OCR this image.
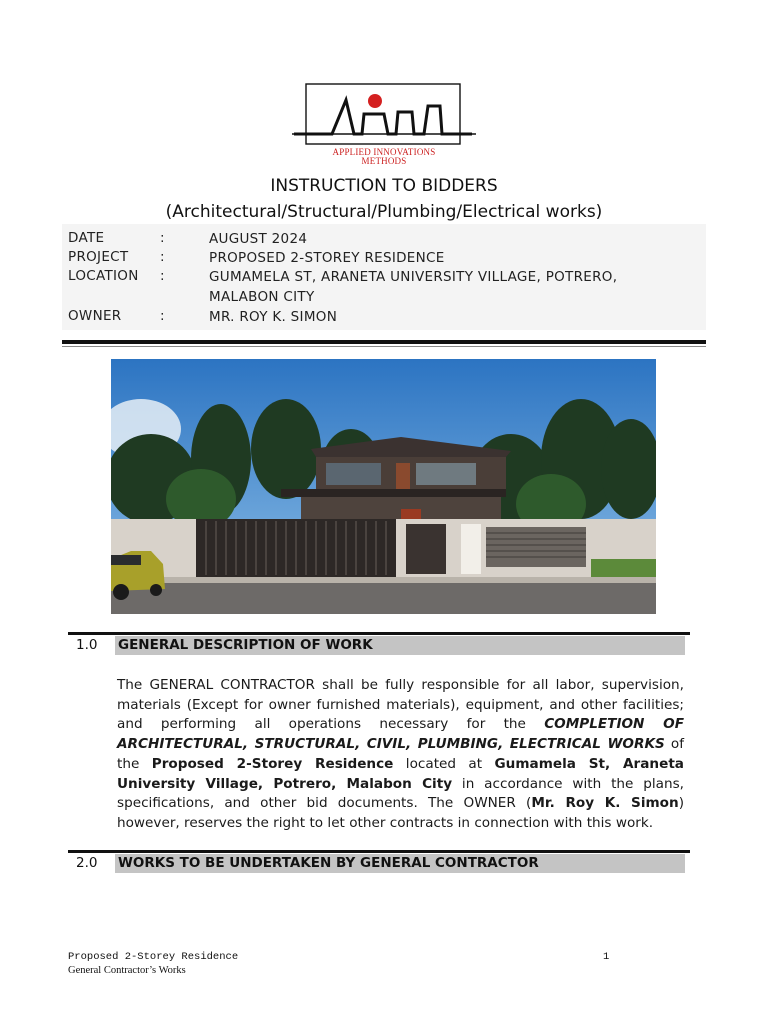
APPLIED INNOVATIONS
METHODS
INSTRUCTION TO BIDDERS
(Architectural/Structural/Plumbing/Electrical works)
DATE	:	AUGUST 2024
PROJECT	:	PROPOSED 2-STOREY RESIDENCE
LOCATION	:	GUMAMELA ST, ARANETA UNIVERSITY VILLAGE, POTRERO, MALABON CITY
OWNER	:	MR. ROY K. SIMON
1.0 GENERAL DESCRIPTION OF WORK
The GENERAL CONTRACTOR shall be fully responsible for all labor, supervision, materials (Except for owner furnished materials), equipment, and other facilities; and performing all operations necessary for the COMPLETION OF ARCHITECTURAL, STRUCTURAL, CIVIL, PLUMBING, ELECTRICAL WORKS of the Proposed 2-Storey Residence located at Gumamela St, Araneta University Village, Potrero, Malabon City in accordance with the plans, specifications, and other bid documents. The OWNER (Mr. Roy K. Simon) however, reserves the right to let other contracts in connection with this work.
2.0 WORKS TO BE UNDERTAKEN BY GENERAL CONTRACTOR
Proposed 2-Storey Residence	1
General Contractor’s Works
